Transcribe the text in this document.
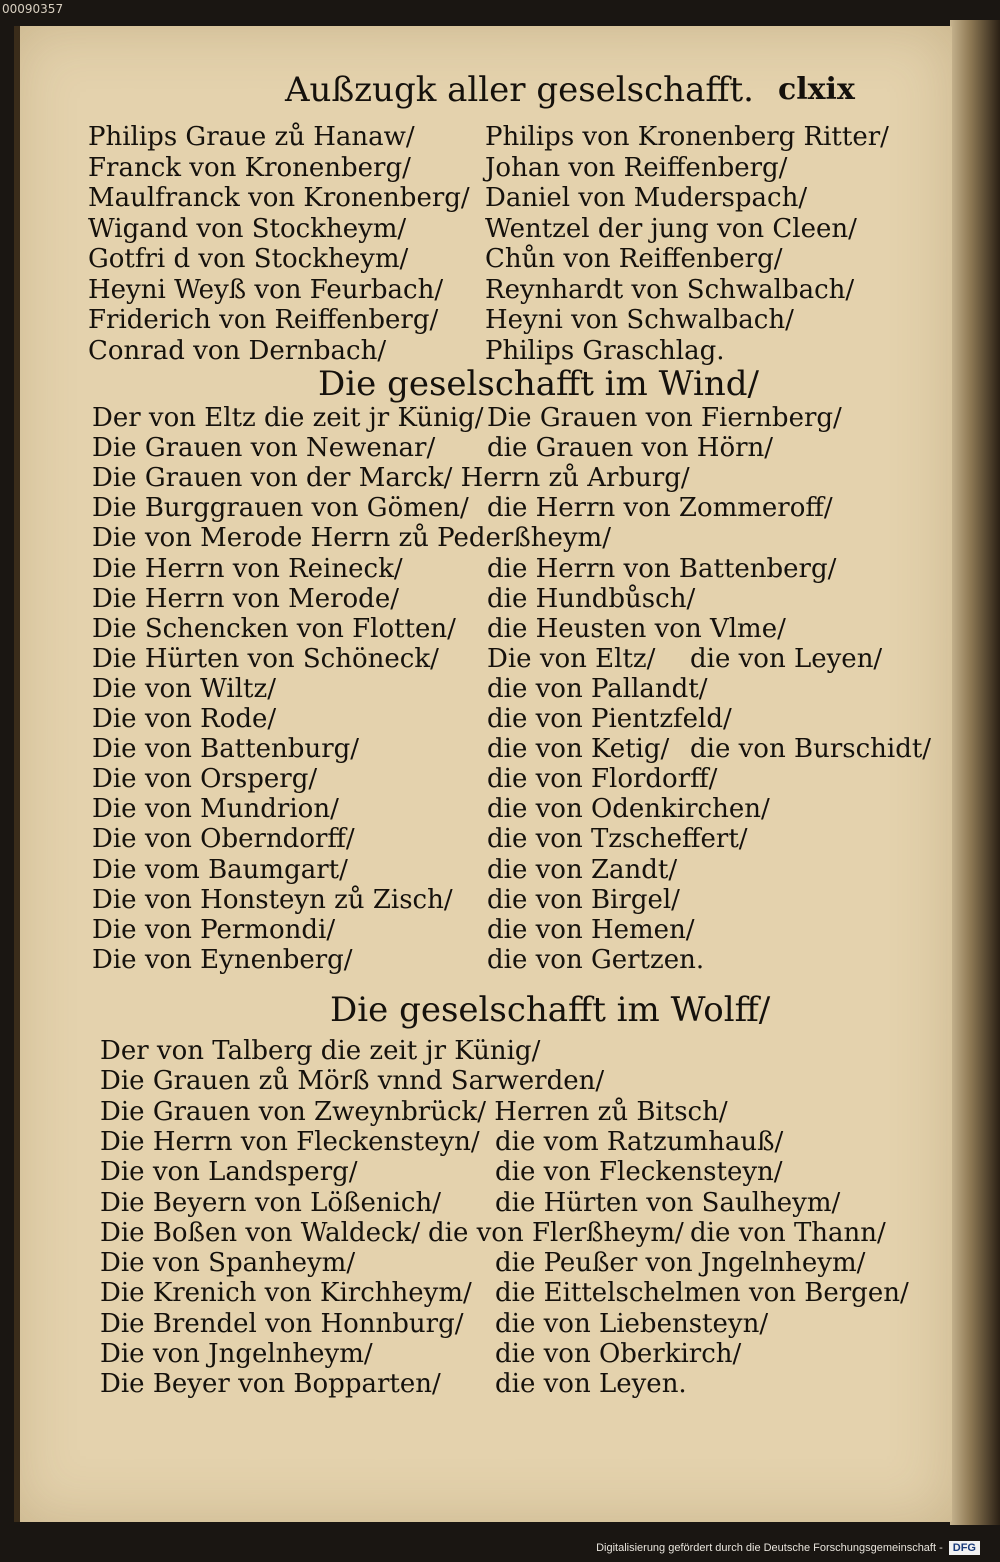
00090357
Außzugk aller geselschafft. clxix
Philips Graue zů Hanaw/
Franck von Kronenberg/
Maulfranck von Kronenberg/
Wigand von Stockheym/
Gotfri d von Stockheym/
Heyni Weyß von Feurbach/
Friderich von Reiffenberg/
Conrad von Dernbach/
Philips von Kronenberg Ritter/
Johan von Reiffenberg/
Daniel von Muderspach/
Wentzel der jung von Cleen/
Chůn von Reiffenberg/
Reynhardt von Schwalbach/
Heyni von Schwalbach/
Philips Graschlag.
Die geselschafft im Wind/
Der von Eltz die zeit jr Künig/
Die Grauen von Newenar/
Die Grauen von der Marck/ Herrn zů Arburg/
Die Burggrauen von Gömen/
Die von Merode Herrn zů Pederßheym/
Die Herrn von Reineck/
Die Herrn von Merode/
Die Schencken von Flotten/
Die Hürten von Schöneck/
Die von Wiltz/
Die von Rode/
Die von Battenburg/
Die von Orsperg/
Die von Mundrion/
Die von Oberndorff/
Die vom Baumgart/
Die von Honsteyn zů Zisch/
Die von Permondi/
Die von Eynenberg/
Die Grauen von Fiernberg/
die Grauen von Hörn/
die Herrn von Zommeroff/
die Herrn von Battenberg/
die Hundbůsch/
die Heusten von Vlme/
Die von Eltz/
die von Pallandt/
die von Pientzfeld/
die von Ketig/
die von Flordorff/
die von Odenkirchen/
die von Tzscheffert/
die von Zandt/
die von Birgel/
die von Hemen/
die von Gertzen.
die von Leyen/
die von Burschidt/
Die geselschafft im Wolff/
Der von Talberg die zeit jr Künig/
Die Grauen zů Mörß vnnd Sarwerden/
Die Grauen von Zweynbrück/ Herren zů Bitsch/
Die Herrn von Fleckensteyn/
Die von Landsperg/
Die Beyern von Lößenich/
Die Boßen von Waldeck/
Die von Spanheym/
Die Krenich von Kirchheym/
Die Brendel von Honnburg/
Die von Jngelnheym/
Die Beyer von Bopparten/
die vom Ratzumhauß/
die von Fleckensteyn/
die Hürten von Saulheym/
die von Flerßheym/
die Peußer von Jngelnheym/
die Eittelschelmen von Bergen/
die von Liebensteyn/
die von Oberkirch/
die von Leyen.
die von Thann/
Digitalisierung gefördert durch die Deutsche Forschungsgemeinschaft - DFG
